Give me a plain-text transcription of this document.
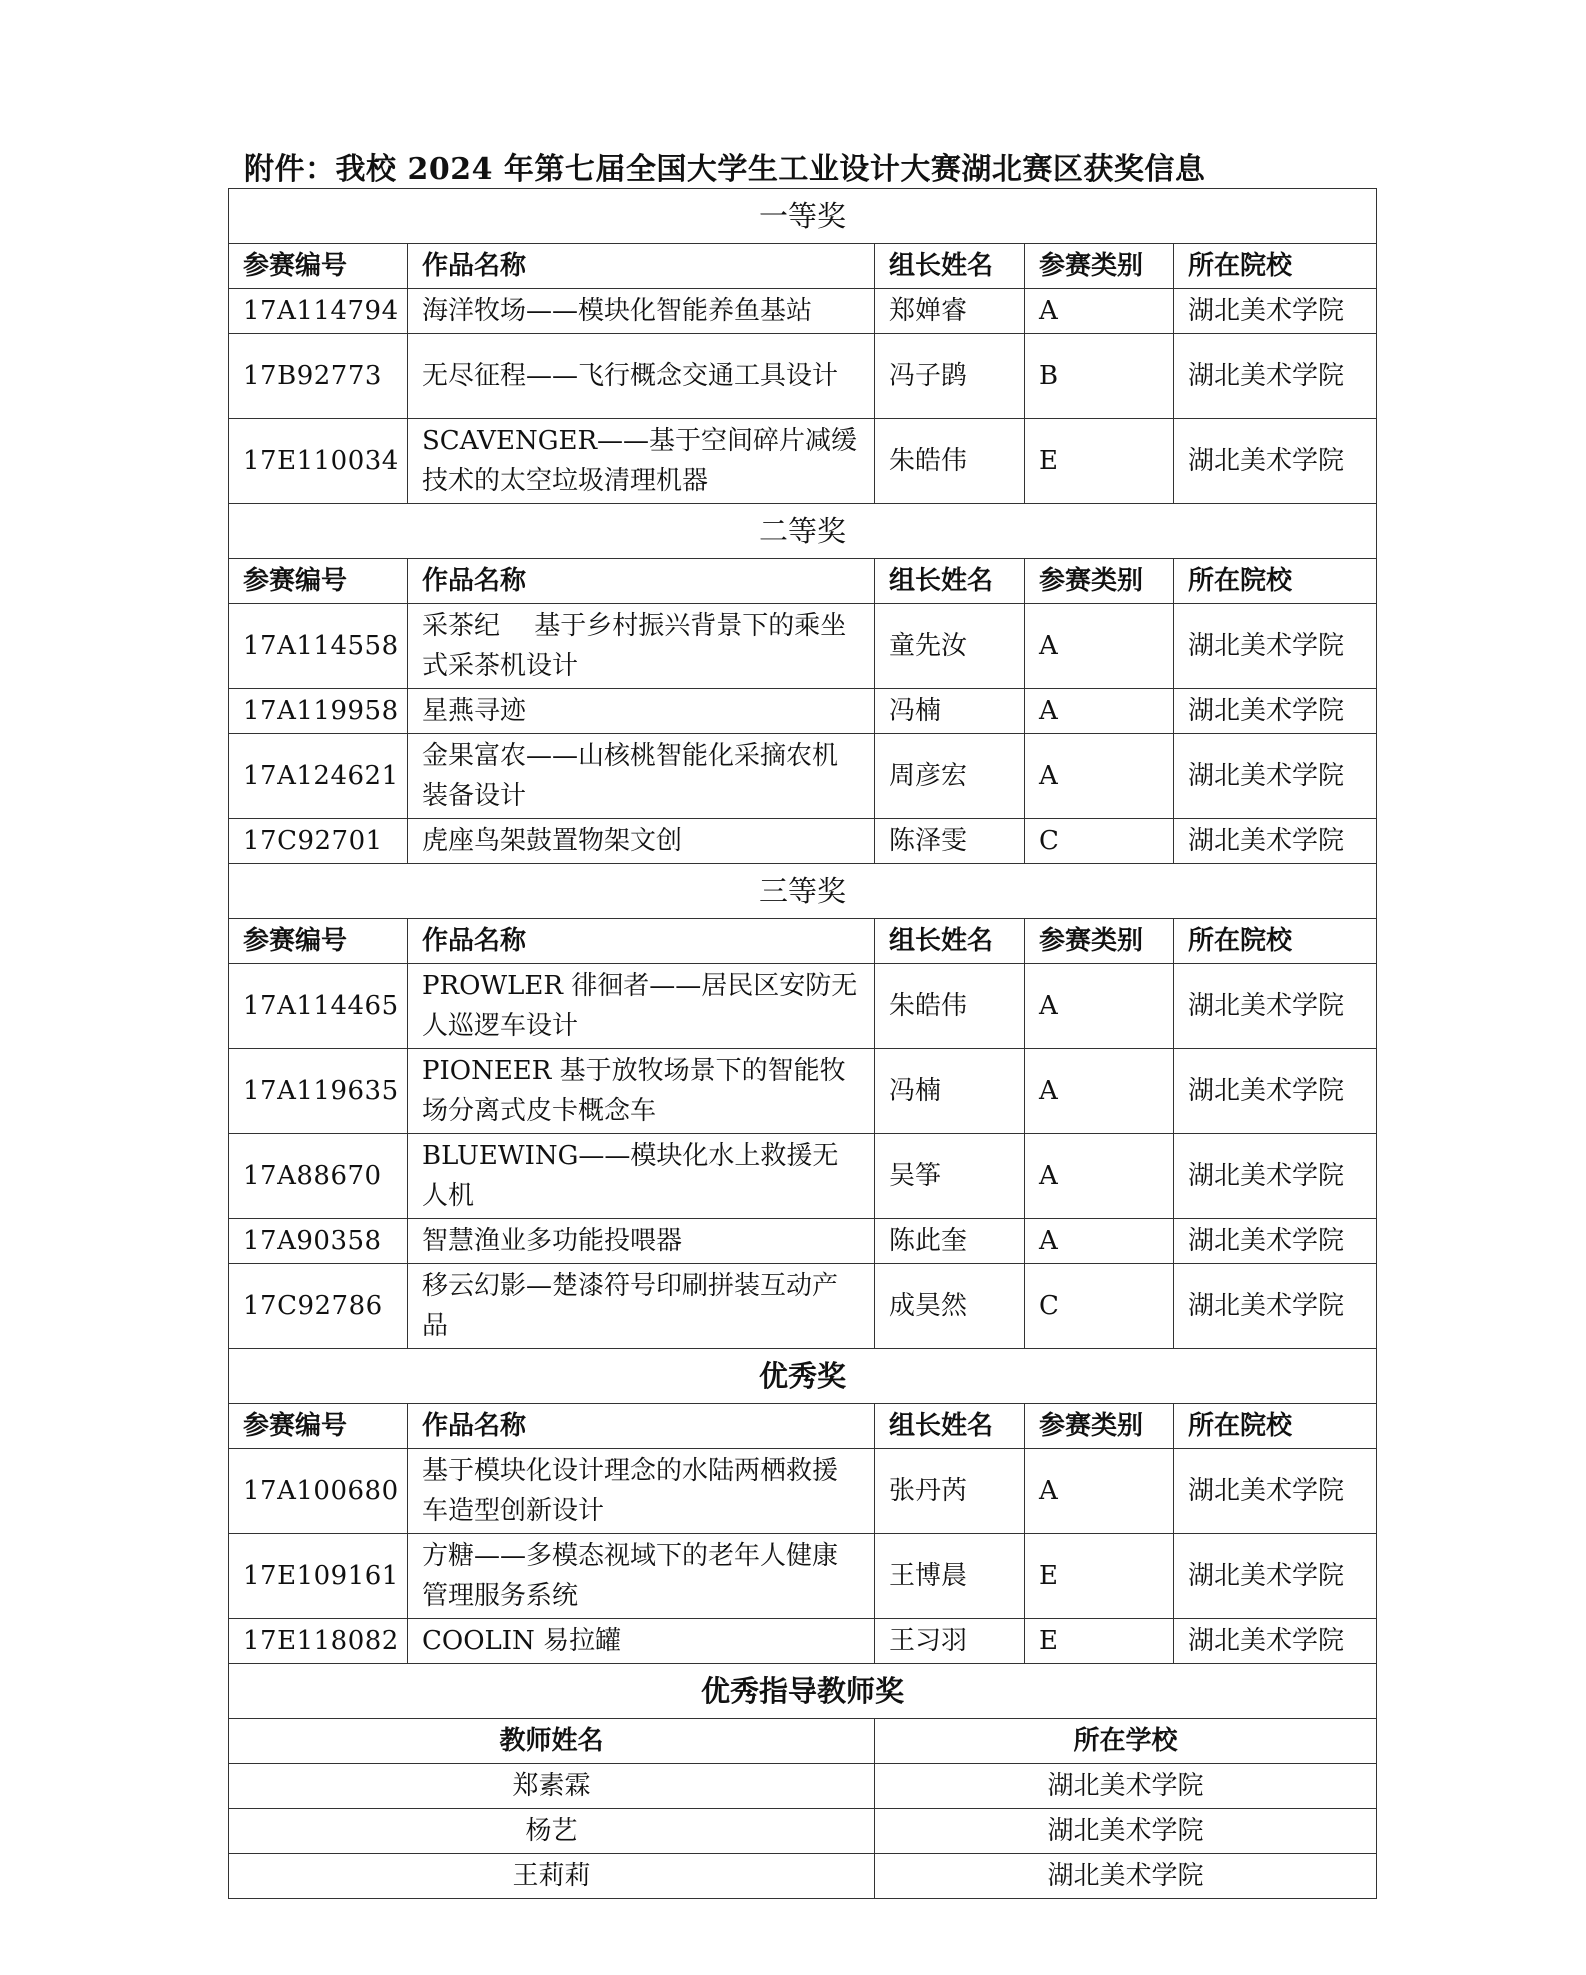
附件：我校 2024 年第七届全国大学生工业设计大赛湖北赛区获奖信息
一等奖				
参赛编号	作品名称	组长姓名	参赛类别	所在院校
17A114794	海洋牧场——模块化智能养鱼基站	郑婵睿	A	湖北美术学院
17B92773	无尽征程——飞行概念交通工具设计	冯子鹍	B	湖北美术学院
17E110034	SCAVENGER——基于空间碎片减缓技术的太空垃圾清理机器	朱皓伟	E	湖北美术学院
二等奖				
参赛编号	作品名称	组长姓名	参赛类别	所在院校
17A114558	采茶纪　 基于乡村振兴背景下的乘坐式采茶机设计	童先汝	A	湖北美术学院
17A119958	星燕寻迹	冯楠	A	湖北美术学院
17A124621	金果富农——山核桃智能化采摘农机装备设计	周彦宏	A	湖北美术学院
17C92701	虎座鸟架鼓置物架文创	陈泽雯	C	湖北美术学院
三等奖				
参赛编号	作品名称	组长姓名	参赛类别	所在院校
17A114465	PROWLER 徘徊者——居民区安防无人巡逻车设计	朱皓伟	A	湖北美术学院
17A119635	PIONEER 基于放牧场景下的智能牧场分离式皮卡概念车	冯楠	A	湖北美术学院
17A88670	BLUEWING——模块化水上救援无人机	吴筝	A	湖北美术学院
17A90358	智慧渔业多功能投喂器	陈此奎	A	湖北美术学院
17C92786	移云幻影—楚漆符号印刷拼装互动产品	成昊然	C	湖北美术学院
优秀奖				
参赛编号	作品名称	组长姓名	参赛类别	所在院校
17A100680	基于模块化设计理念的水陆两栖救援车造型创新设计	张丹芮	A	湖北美术学院
17E109161	方糖——多模态视域下的老年人健康管理服务系统	王博晨	E	湖北美术学院
17E118082	COOLIN 易拉罐	王习羽	E	湖北美术学院
优秀指导教师奖				
教师姓名		所在学校		
郑素霖		湖北美术学院		
杨艺		湖北美术学院		
王莉莉		湖北美术学院		
